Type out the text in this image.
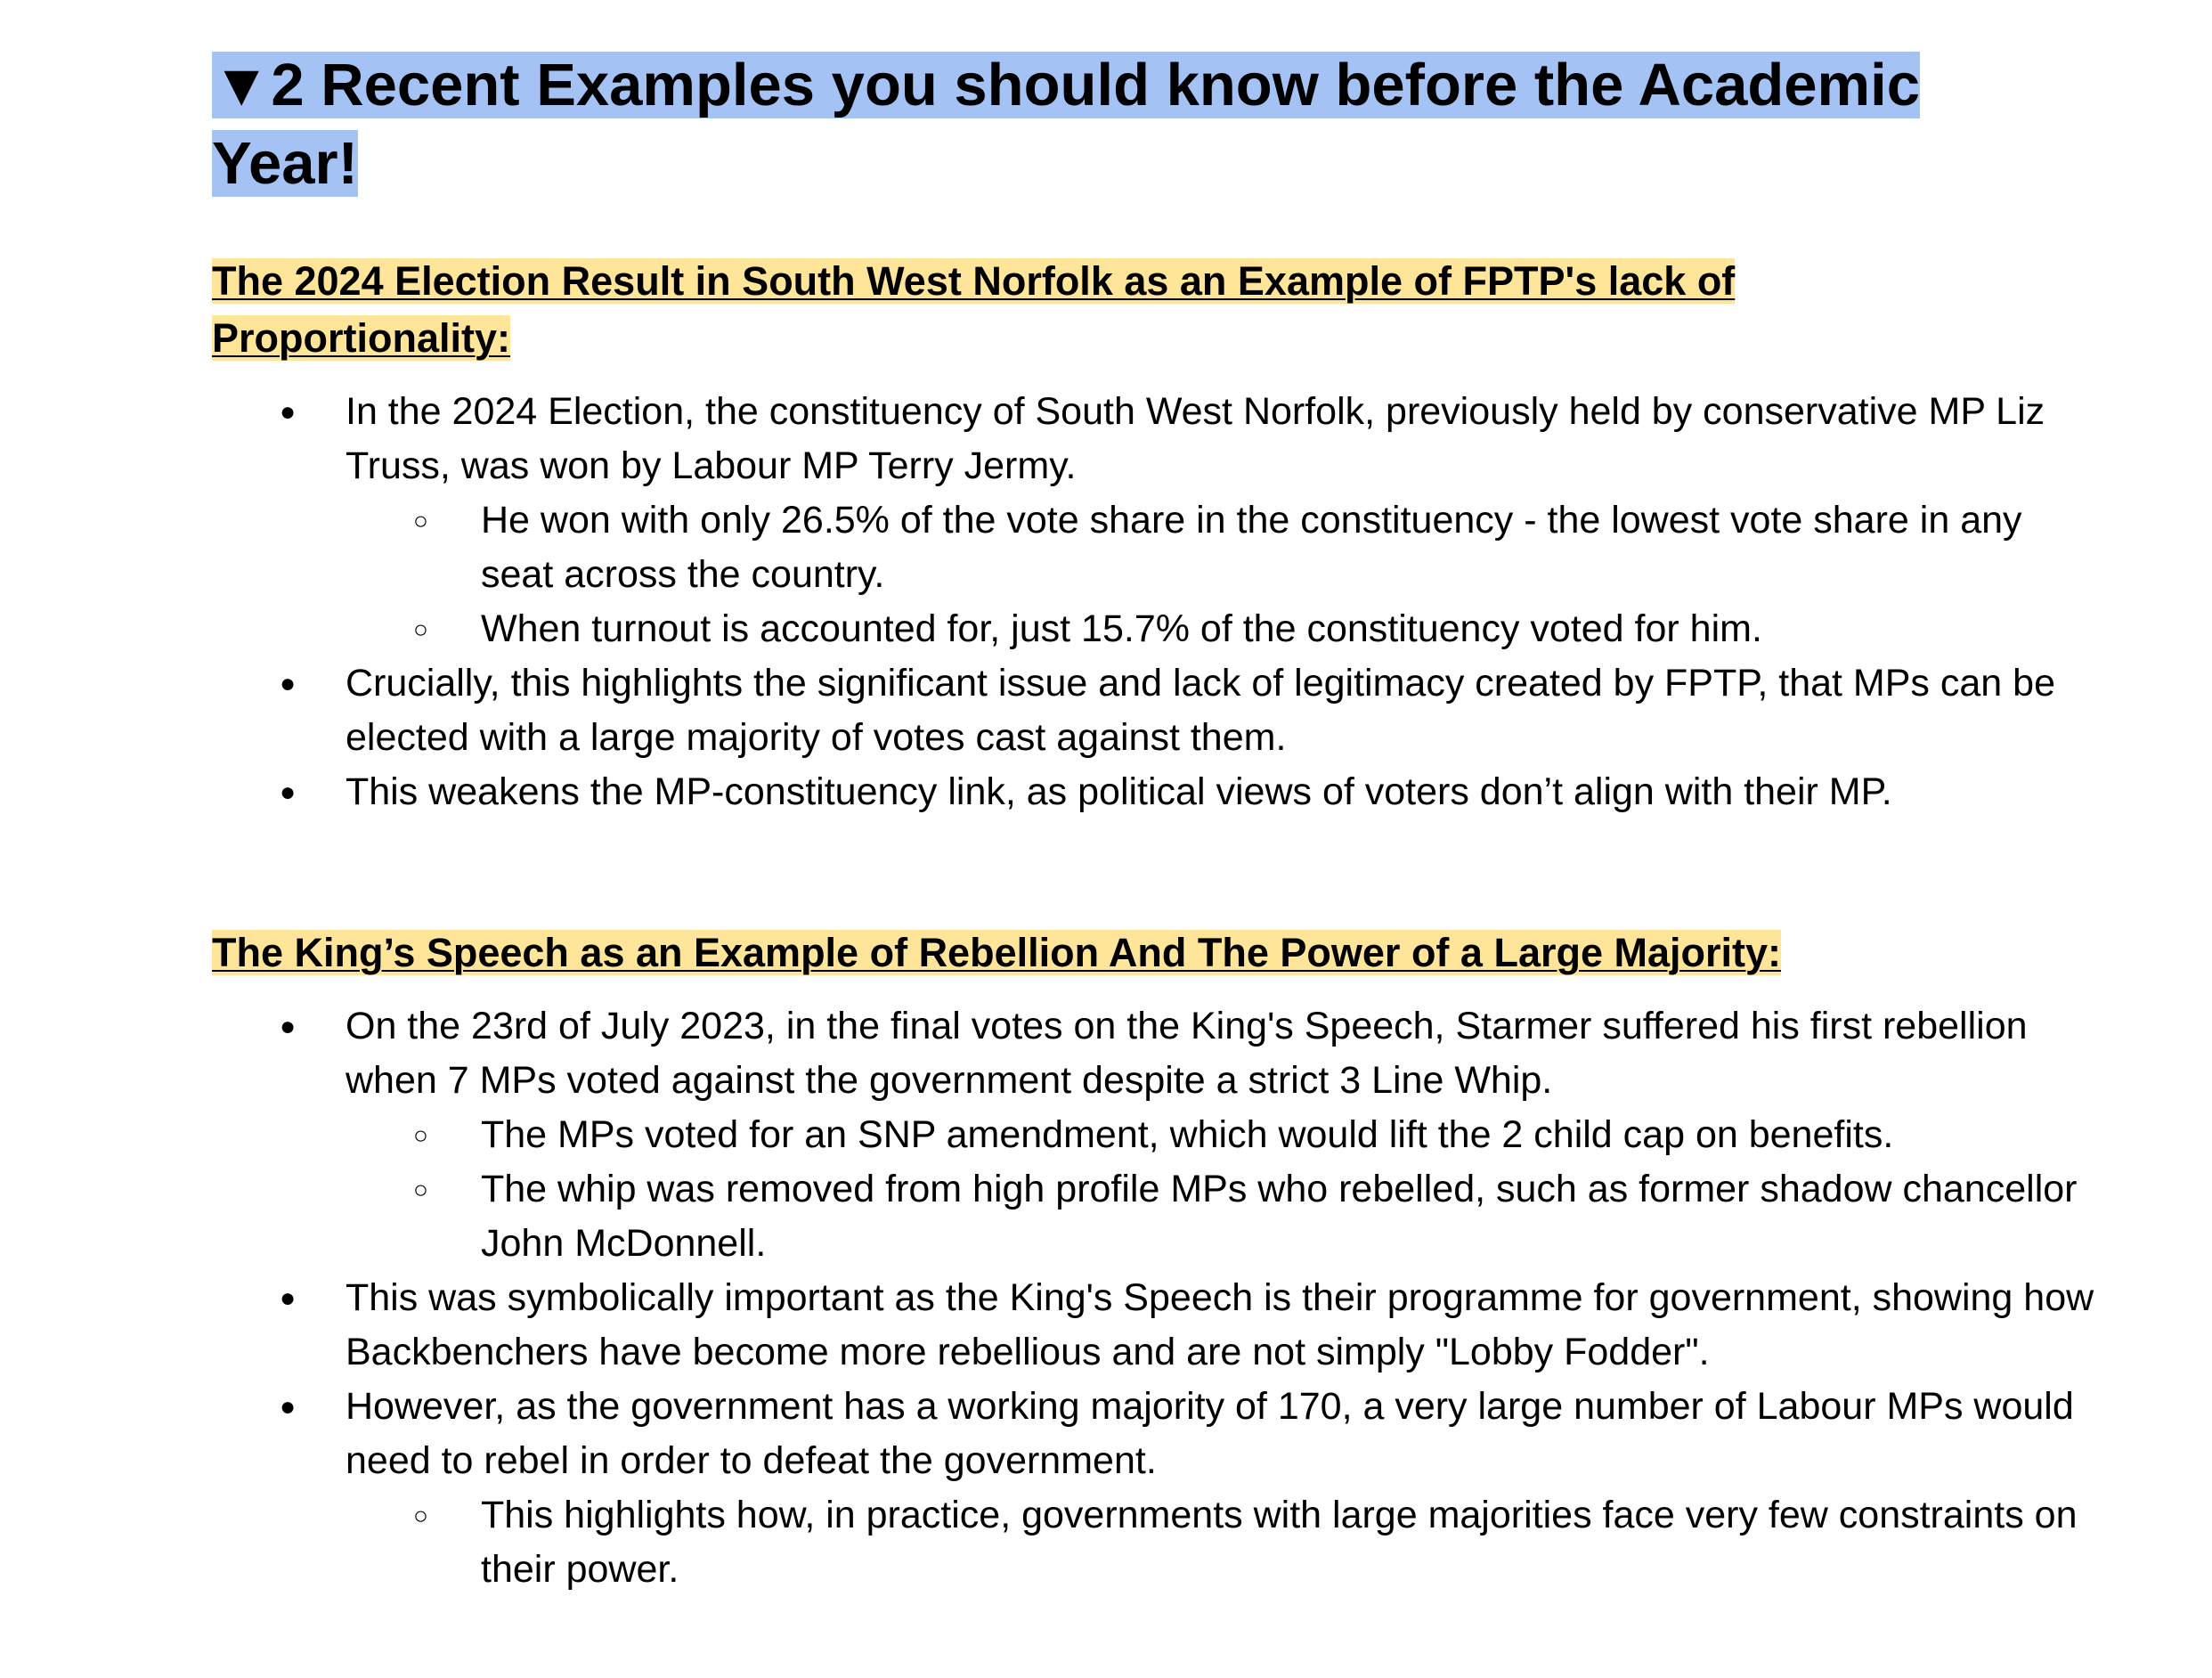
▼2 Recent Examples you should know before the Academic Year!
The 2024 Election Result in South West Norfolk as an Example of FPTP's lack of Proportionality:
● In the 2024 Election, the constituency of South West Norfolk, previously held by conservative MP Liz Truss, was won by Labour MP Terry Jermy.
○ He won with only 26.5% of the vote share in the constituency - the lowest vote share in any seat across the country.
○ When turnout is accounted for, just 15.7% of the constituency voted for him.
● Crucially, this highlights the significant issue and lack of legitimacy created by FPTP, that MPs can be elected with a large majority of votes cast against them.
● This weakens the MP-constituency link, as political views of voters don’t align with their MP.
The King’s Speech as an Example of Rebellion And The Power of a Large Majority:
● On the 23rd of July 2023, in the final votes on the King's Speech, Starmer suffered his first rebellion when 7 MPs voted against the government despite a strict 3 Line Whip.
○ The MPs voted for an SNP amendment, which would lift the 2 child cap on benefits.
○ The whip was removed from high profile MPs who rebelled, such as former shadow chancellor John McDonnell.
● This was symbolically important as the King's Speech is their programme for government, showing how Backbenchers have become more rebellious and are not simply "Lobby Fodder".
● However, as the government has a working majority of 170, a very large number of Labour MPs would need to rebel in order to defeat the government.
○ This highlights how, in practice, governments with large majorities face very few constraints on their power.
